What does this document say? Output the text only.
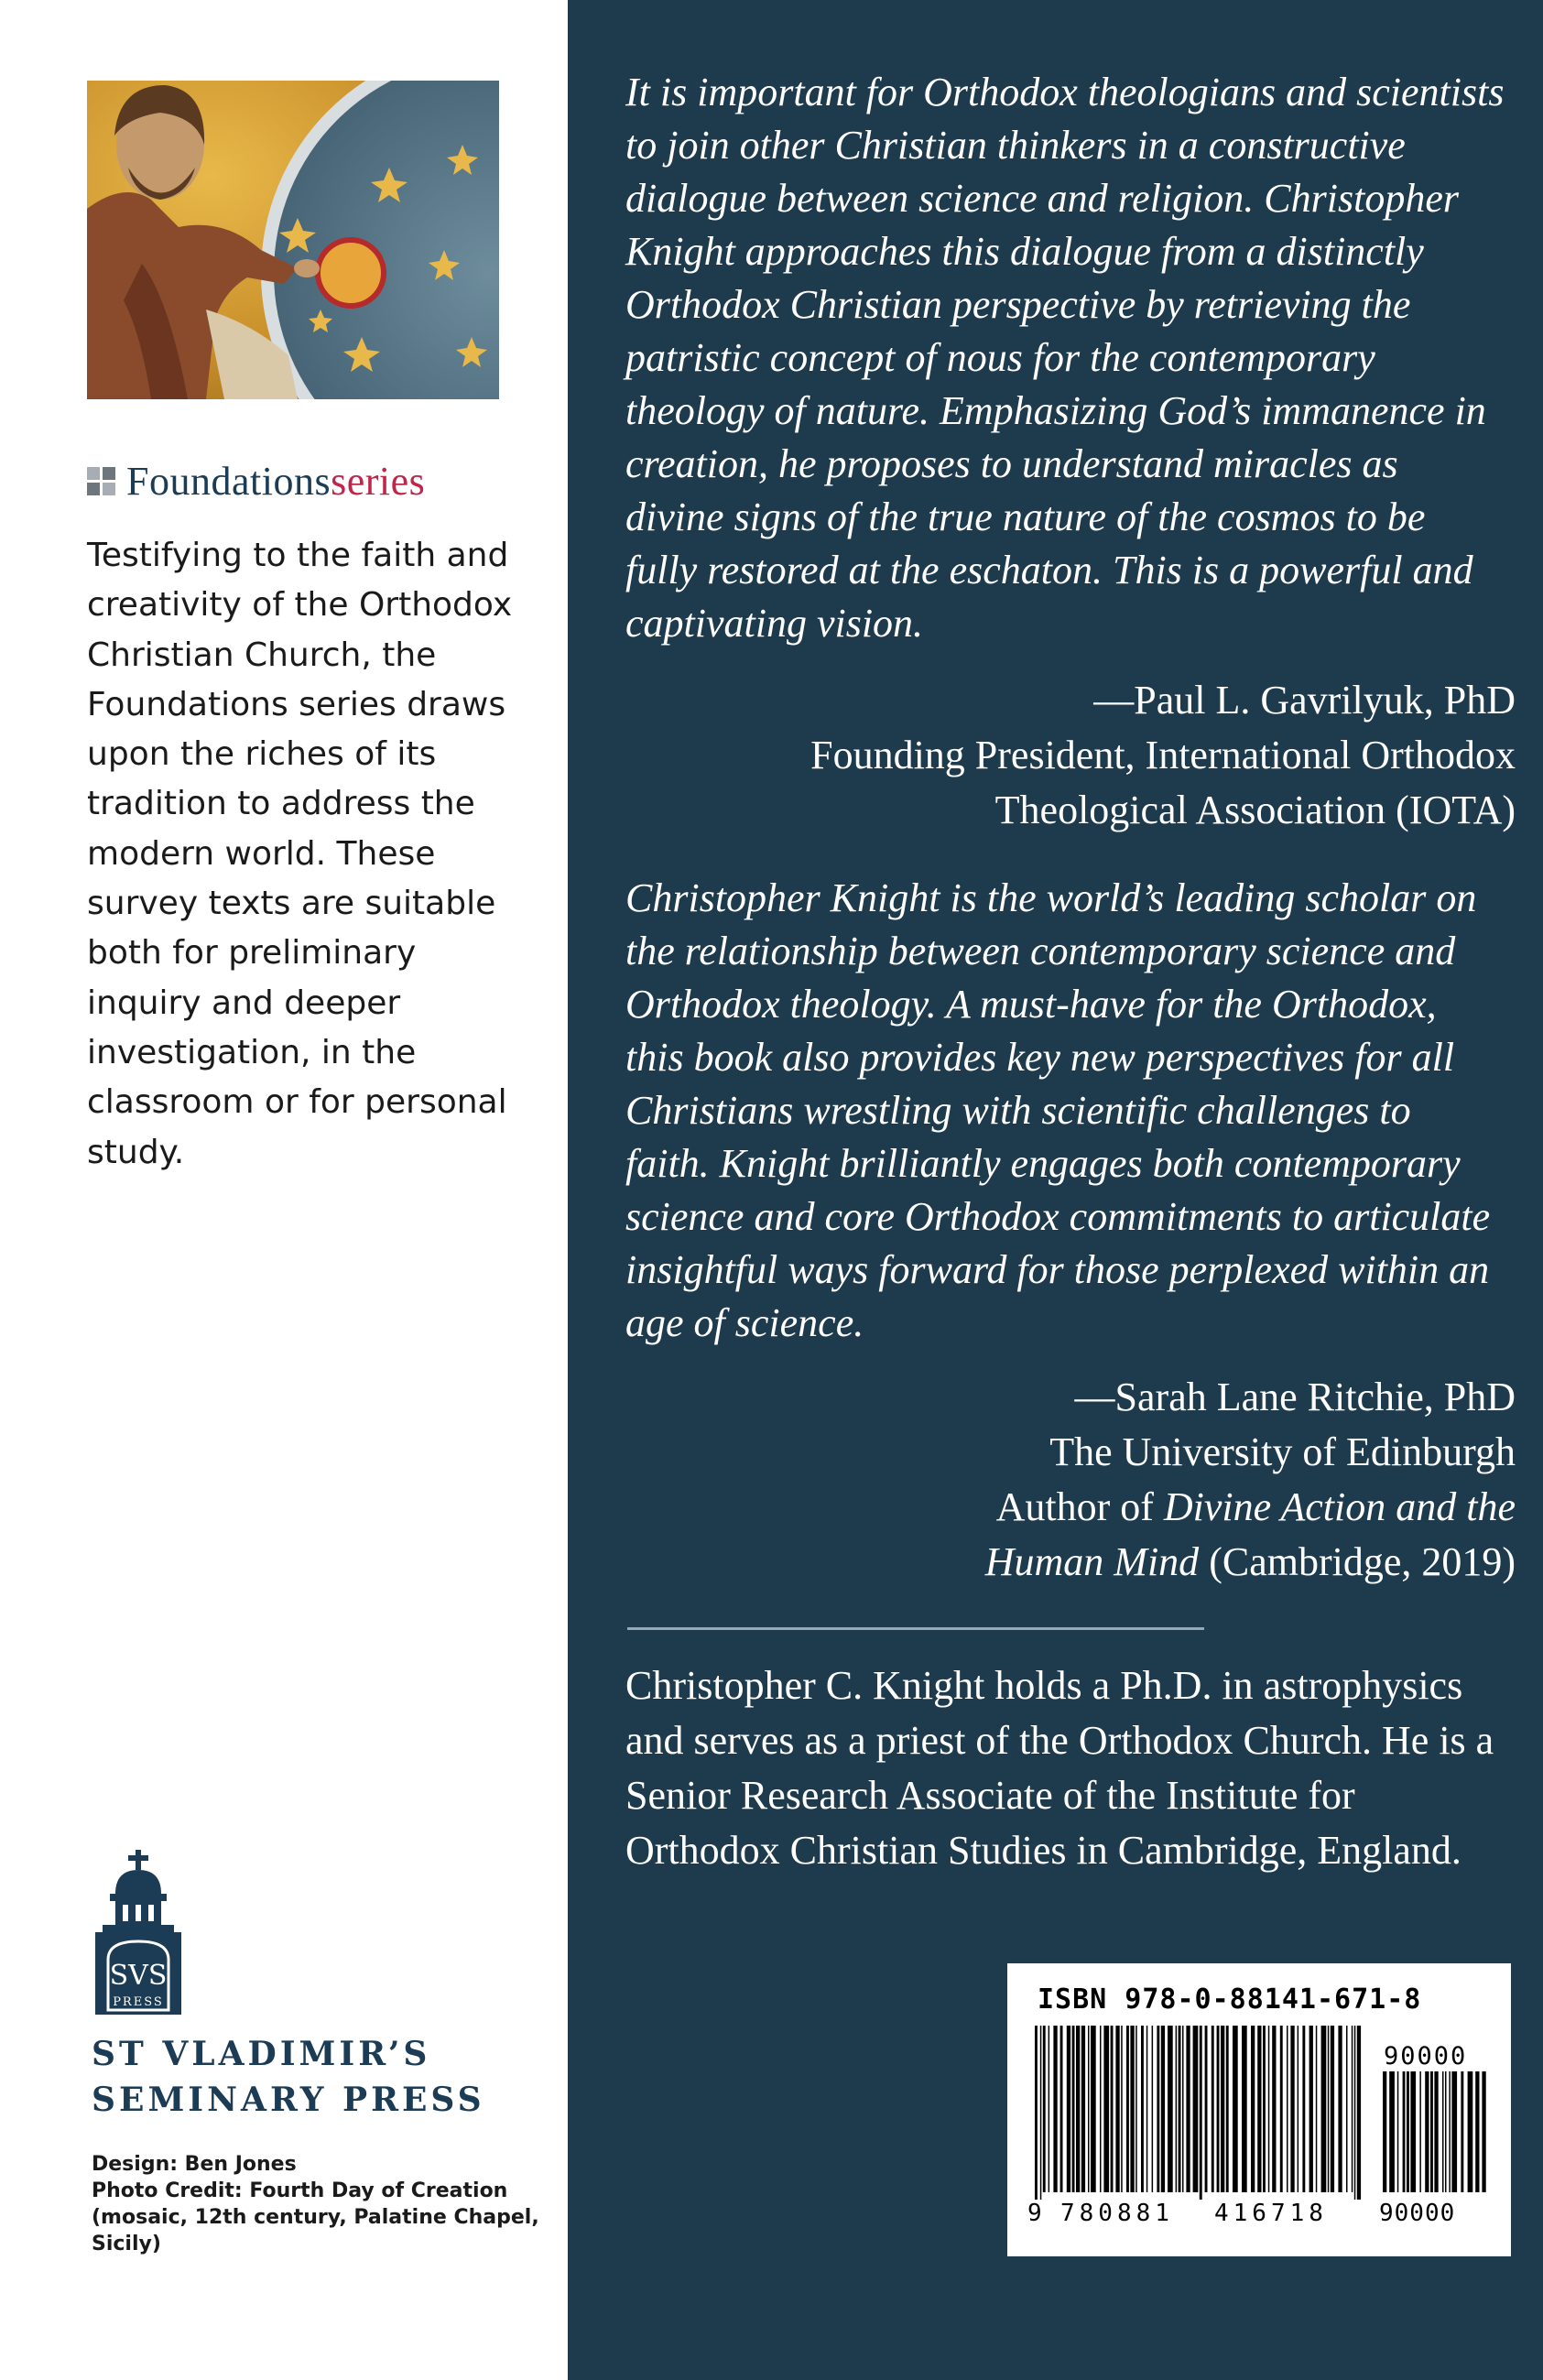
Foundations series

Testifying to the faith and creativity of the Orthodox Christian Church, the Foundations series draws upon the riches of its tradition to address the modern world. These survey texts are suitable both for preliminary inquiry and deeper investigation, in the classroom or for personal study.

SVS
PRESS

ST VLADIMIR’S
SEMINARY PRESS

Design: Ben Jones
Photo Credit: Fourth Day of Creation
(mosaic, 12th century, Palatine Chapel, Sicily)

It is important for Orthodox theologians and scientists to join other Christian thinkers in a constructive dialogue between science and religion. Christopher Knight approaches this dialogue from a distinctly Orthodox Christian perspective by retrieving the patristic concept of nous for the contemporary theology of nature. Emphasizing God’s immanence in creation, he proposes to understand miracles as divine signs of the true nature of the cosmos to be fully restored at the eschaton. This is a powerful and captivating vision.

—Paul L. Gavrilyuk, PhD
Founding President, International Orthodox
Theological Association (IOTA)

Christopher Knight is the world’s leading scholar on the relationship between contemporary science and Orthodox theology. A must-have for the Orthodox, this book also provides key new perspectives for all Christians wrestling with scientific challenges to faith. Knight brilliantly engages both contemporary science and core Orthodox commitments to articulate insightful ways forward for those perplexed within an age of science.

—Sarah Lane Ritchie, PhD
The University of Edinburgh
Author of Divine Action and the
Human Mind (Cambridge, 2019)

Christopher C. Knight holds a Ph.D. in astrophysics and serves as a priest of the Orthodox Church. He is a Senior Research Associate of the Institute for Orthodox Christian Studies in Cambridge, England.

ISBN 978-0-88141-671-8

90000

9 780881 416718 90000
